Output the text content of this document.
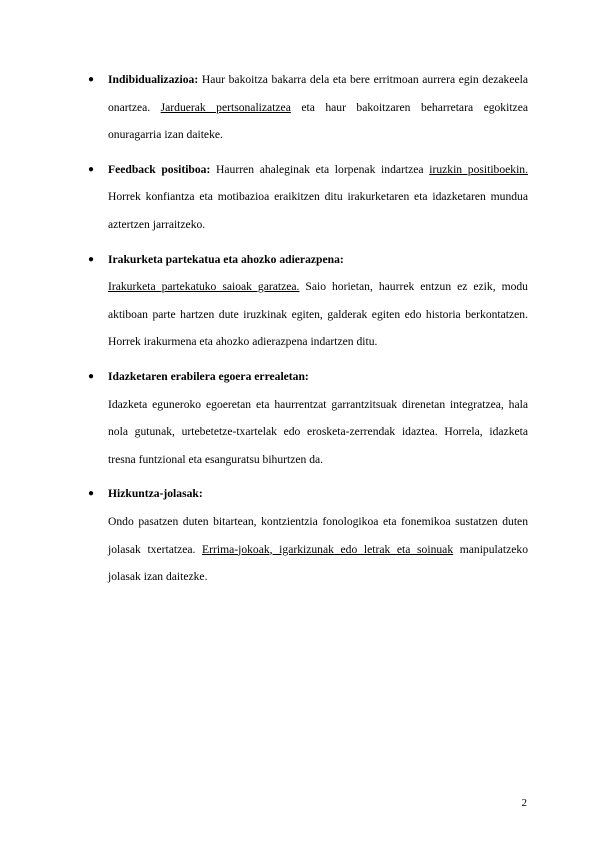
● Indibidualizazioa: Haur bakoitza bakarra dela eta bere erritmoan aurrera egin dezakeela onartzea. Jarduerak pertsonalizatzea eta haur bakoitzaren beharretara egokitzea onuragarria izan daiteke.

● Feedback positiboa: Haurren ahaleginak eta lorpenak indartzea iruzkin positiboekin. Horrek konfiantza eta motibazioa eraikitzen ditu irakurketaren eta idazketaren mundua aztertzen jarraitzeko.

● Irakurketa partekatua eta ahozko adierazpena:

Irakurketa partekatuko saioak garatzea. Saio horietan, haurrek entzun ez ezik, modu aktiboan parte hartzen dute iruzkinak egiten, galderak egiten edo historia berkontatzen. Horrek irakurmena eta ahozko adierazpena indartzen ditu.

● Idazketaren erabilera egoera errealetan:

Idazketa eguneroko egoeretan eta haurrentzat garrantzitsuak direnetan integratzea, hala nola gutunak, urtebetetze-txartelak edo erosketa-zerrendak idaztea. Horrela, idazketa tresna funtzional eta esanguratsu bihurtzen da.

● Hizkuntza-jolasak:

Ondo pasatzen duten bitartean, kontzientzia fonologikoa eta fonemikoa sustatzen duten jolasak txertatzea. Errima-jokoak, igarkizunak edo letrak eta soinuak manipulatzeko jolasak izan daitezke.

2
